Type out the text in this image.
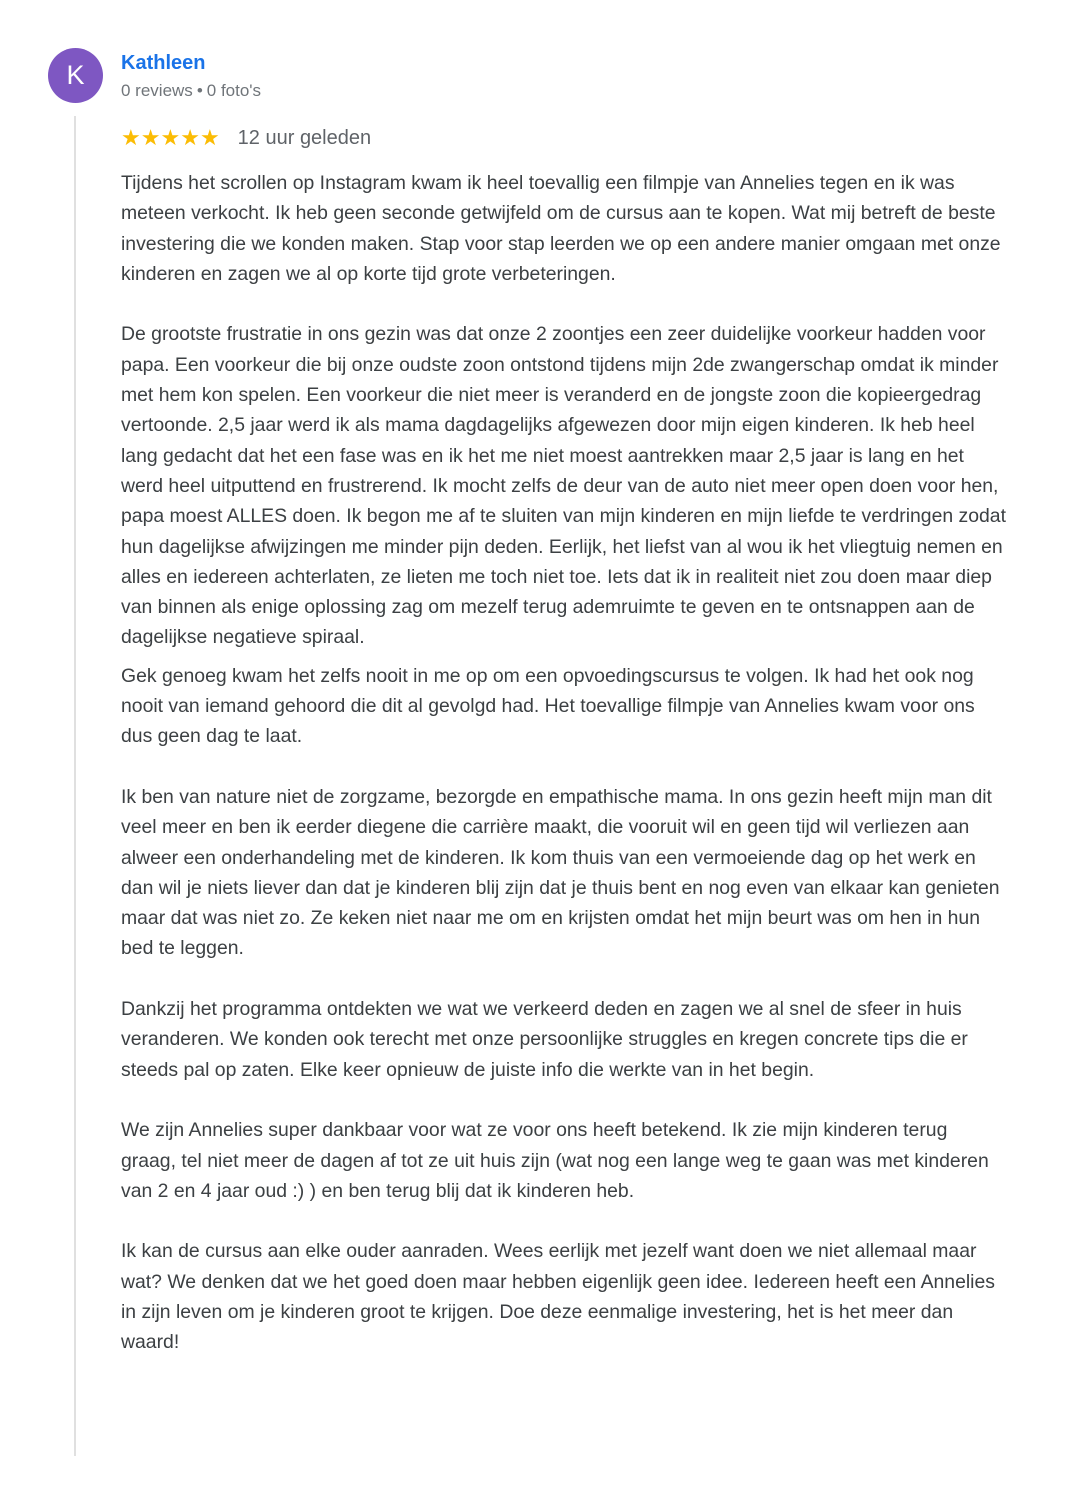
K Kathleen
0 reviews • 0 foto's
★ ★ ★ ★ ★ 12 uur geleden

Tijdens het scrollen op Instagram kwam ik heel toevallig een filmpje van Annelies tegen en ik was meteen verkocht. Ik heb geen seconde getwijfeld om de cursus aan te kopen. Wat mij betreft de beste investering die we konden maken. Stap voor stap leerden we op een andere manier omgaan met onze kinderen en zagen we al op korte tijd grote verbeteringen.

De grootste frustratie in ons gezin was dat onze 2 zoontjes een zeer duidelijke voorkeur hadden voor papa. Een voorkeur die bij onze oudste zoon ontstond tijdens mijn 2de zwangerschap omdat ik minder met hem kon spelen. Een voorkeur die niet meer is veranderd en de jongste zoon die kopieergedrag vertoonde. 2,5 jaar werd ik als mama dagdagelijks afgewezen door mijn eigen kinderen. Ik heb heel lang gedacht dat het een fase was en ik het me niet moest aantrekken maar 2,5 jaar is lang en het werd heel uitputtend en frustrerend. Ik mocht zelfs de deur van de auto niet meer open doen voor hen, papa moest ALLES doen. Ik begon me af te sluiten van mijn kinderen en mijn liefde te verdringen zodat hun dagelijkse afwijzingen me minder pijn deden. Eerlijk, het liefst van al wou ik het vliegtuig nemen en alles en iedereen achterlaten, ze lieten me toch niet toe. Iets dat ik in realiteit niet zou doen maar diep van binnen als enige oplossing zag om mezelf terug ademruimte te geven en te ontsnappen aan de dagelijkse negatieve spiraal.

Gek genoeg kwam het zelfs nooit in me op om een opvoedingscursus te volgen. Ik had het ook nog nooit van iemand gehoord die dit al gevolgd had. Het toevallige filmpje van Annelies kwam voor ons dus geen dag te laat.

Ik ben van nature niet de zorgzame, bezorgde en empathische mama. In ons gezin heeft mijn man dit veel meer en ben ik eerder diegene die carrière maakt, die vooruit wil en geen tijd wil verliezen aan alweer een onderhandeling met de kinderen. Ik kom thuis van een vermoeiende dag op het werk en dan wil je niets liever dan dat je kinderen blij zijn dat je thuis bent en nog even van elkaar kan genieten maar dat was niet zo. Ze keken niet naar me om en krijsten omdat het mijn beurt was om hen in hun bed te leggen.

Dankzij het programma ontdekten we wat we verkeerd deden en zagen we al snel de sfeer in huis veranderen. We konden ook terecht met onze persoonlijke struggles en kregen concrete tips die er steeds pal op zaten. Elke keer opnieuw de juiste info die werkte van in het begin.

We zijn Annelies super dankbaar voor wat ze voor ons heeft betekend. Ik zie mijn kinderen terug graag, tel niet meer de dagen af tot ze uit huis zijn (wat nog een lange weg te gaan was met kinderen van 2 en 4 jaar oud :) ) en ben terug blij dat ik kinderen heb.

Ik kan de cursus aan elke ouder aanraden. Wees eerlijk met jezelf want doen we niet allemaal maar wat? We denken dat we het goed doen maar hebben eigenlijk geen idee. Iedereen heeft een Annelies in zijn leven om je kinderen groot te krijgen. Doe deze eenmalige investering, het is het meer dan waard!
